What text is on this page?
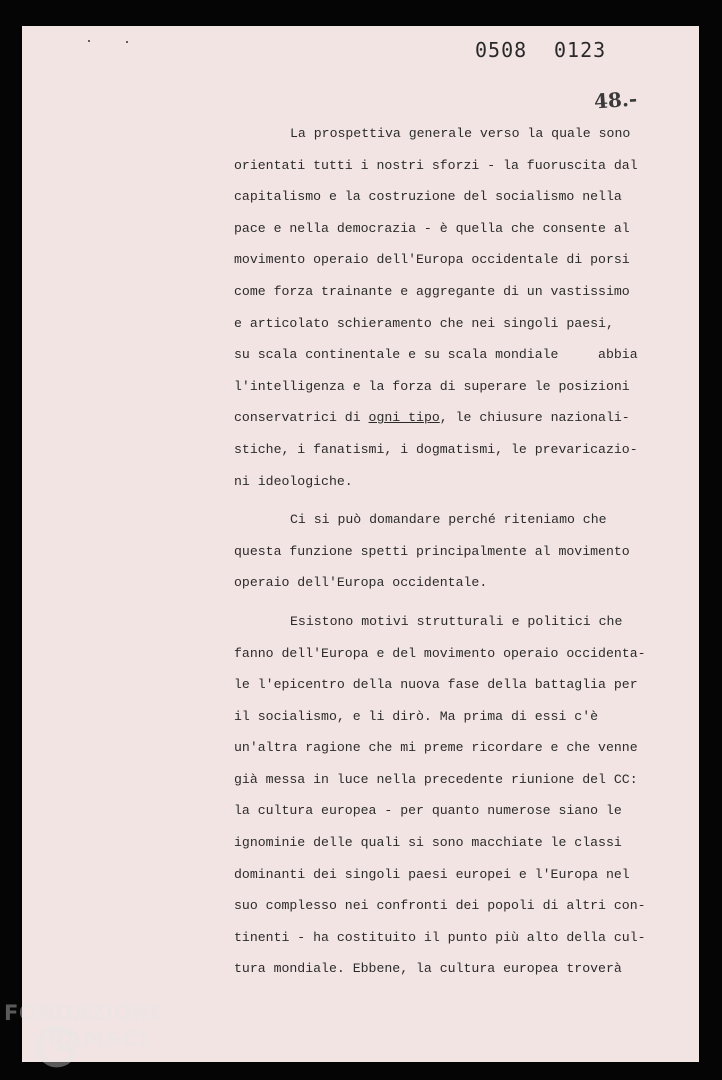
0508 0123
48.-
La prospettiva generale verso la quale sono
orientati tutti i nostri sforzi - la fuoruscita dal
capitalismo e la costruzione del socialismo nella
pace e nella democrazia - è quella che consente al
movimento operaio dell'Europa occidentale di porsi
come forza trainante e aggregante di un vastissimo
e articolato schieramento che nei singoli paesi,
su scala continentale e su scala mondiale     abbia
l'intelligenza e la forza di superare le posizioni
conservatrici di ogni tipo, le chiusure nazionali-
stiche, i fanatismi, i dogmatismi, le prevaricazio-
ni ideologiche.
Ci si può domandare perché riteniamo che
questa funzione spetti principalmente al movimento
operaio dell'Europa occidentale.
Esistono motivi strutturali e politici che
fanno dell'Europa e del movimento operaio occidenta-
le l'epicentro della nuova fase della battaglia per
il socialismo, e li dirò. Ma prima di essi c'è
un'altra ragione che mi preme ricordare e che venne
già messa in luce nella precedente riunione del CC:
la cultura europea - per quanto numerose siano le
ignominie delle quali si sono macchiate le classi
dominanti dei singoli paesi europei e l'Europa nel
suo complesso nei confronti dei popoli di altri con-
tinenti - ha costituito il punto più alto della cul-
tura mondiale. Ebbene, la cultura europea troverà
FONDAZIONE
RAMSCI
